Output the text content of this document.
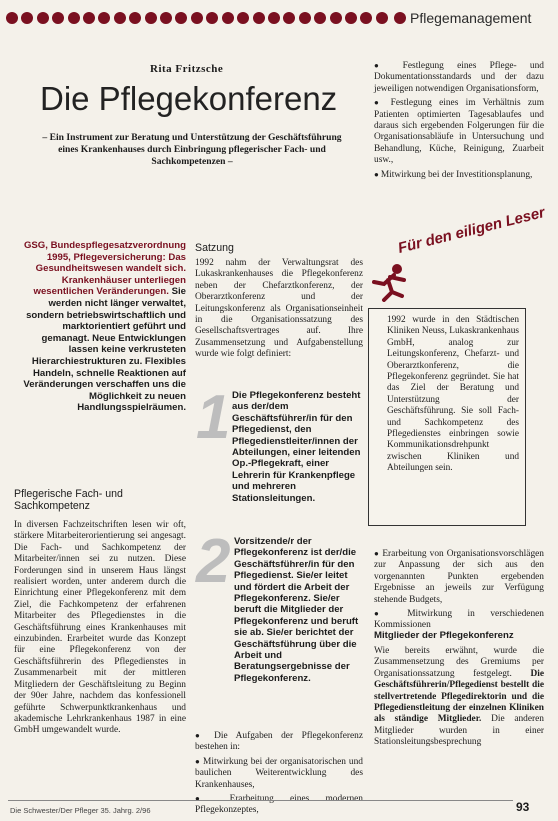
Pflegemanagement
Rita Fritzsche
Die Pflegekonferenz
– Ein Instrument zur Beratung und Unterstützung der Geschäftsführung eines Krankenhauses durch Einbringung pflegerischer Fach- und Sachkompetenzen –
GSG, Bundespflegesatzverordnung 1995, Pflegeversicherung: Das Gesundheitswesen wandelt sich. Krankenhäuser unterliegen wesentlichen Veränderungen. Sie werden nicht länger verwaltet, sondern betriebswirtschaftlich und marktorientiert geführt und gemanagt. Neue Entwicklungen lassen keine verkrusteten Hierarchiestrukturen zu. Flexibles Handeln, schnelle Reaktionen auf Veränderungen verschaffen uns die Möglichkeit zu neuen Handlungsspielräumen.
Pflegerische Fach- und Sachkompetenz

In diversen Fachzeitschriften lesen wir oft, stärkere Mitarbeiterorientierung sei angesagt. Die Fach- und Sachkompetenz der Mitarbeiter/innen sei zu nutzen. Diese Forderungen sind in unserem Haus längst realisiert worden, unter anderem durch die Einrichtung einer Pflegekonferenz mit dem Ziel, die Fachkompetenz der erfahrenen Mitarbeiter des Pflegedienstes in die Geschäftsführung eines Krankenhauses mit einzubinden. Erarbeitet wurde das Konzept für eine Pflegekonferenz von der Geschäftsführerin des Pflegedienstes in Zusammenarbeit mit der mittleren Mitgliedern der Geschäftsleitung zu Beginn der 90er Jahre, nachdem das konfessionell geführte Schwerpunktkrankenhaus und akademische Lehrkrankenhaus 1987 in eine GmbH umgewandelt wurde.

Satzung

1992 nahm der Verwaltungsrat des Lukaskrankenhauses die Pflegekonferenz neben der Chefarztkonferenz, der Oberarztkonferenz und der Leitungskonferenz als Organisationseinheit in die Organisationssatzung des Gesellschaftsvertrages auf. Ihre Zusammensetzung und Aufgabenstellung wurde wie folgt definiert:

1 Die Pflegekonferenz besteht aus der/dem Geschäftsführer/in für den Pflegedienst, den Pflegedienstleiter/innen der Abteilungen, einer leitenden Op.-Pflegekraft, einer Lehrerin für Krankenpflege und mehreren Stationsleitungen.
2 Vorsitzende/r der Pflegekonferenz ist der/die Geschäftsführer/in für den Pflegedienst. Sie/er leitet und fördert die Arbeit der Pflegekonferenz. Sie/er beruft die Mitglieder der Pflegekonferenz und beruft sie ab. Sie/er berichtet der Geschäftsführung über die Arbeit und Beratungsergebnisse der Pflegekonferenz.

● Die Aufgaben der Pflegekonferenz bestehen in:

● Mitwirkung bei der organisatorischen und baulichen Weiterentwicklung des Krankenhauses,

● Erarbeitung eines modernen Pflegekonzeptes,

● Festlegung eines Pflege- und Dokumentationsstandards und der dazu jeweiligen notwendigen Organisationsform,

● Festlegung eines im Verhältnis zum Patienten optimierten Tagesablaufes und daraus sich ergebenden Folgerungen für die Organisationsabläufe in Untersuchung und Behandlung, Küche, Reinigung, Zuarbeit usw.,

● Mitwirkung bei der Investitionsplanung,

Für den eiligen Leser
1992 wurde in den Städtischen Kliniken Neuss, Lukaskrankenhaus GmbH, analog zur Leitungskonferenz, Chefarzt- und Oberarztkonferenz, die Pflegekonferenz gegründet. Sie hat das Ziel der Beratung und Unterstützung der Geschäftsführung. Sie soll Fach- und Sachkompetenz des Pflegedienstes einbringen sowie Kommunikationsdrehpunkt zwischen Kliniken und Abteilungen sein.

● Erarbeitung von Organisationsvorschlägen zur Anpassung der sich aus den vorgenannten Punkten ergebenden Ergebnisse an jeweils zur Verfügung stehende Budgets,

● Mitwirkung in verschiedenen Kommissionen

Mitglieder der Pflegekonferenz
Wie bereits erwähnt, wurde die Zusammensetzung des Gremiums per Organisationssatzung festgelegt. Die Geschäftsführerin/Pflegedienst bestellt die stellvertretende Pflegedirektorin und die Pflegedienstleitung der einzelnen Kliniken als ständige Mitglieder. Die anderen Mitglieder wurden in einer Stationsleitungsbesprechung
Die Schwester/Der Pfleger 35. Jahrg. 2/96	93
